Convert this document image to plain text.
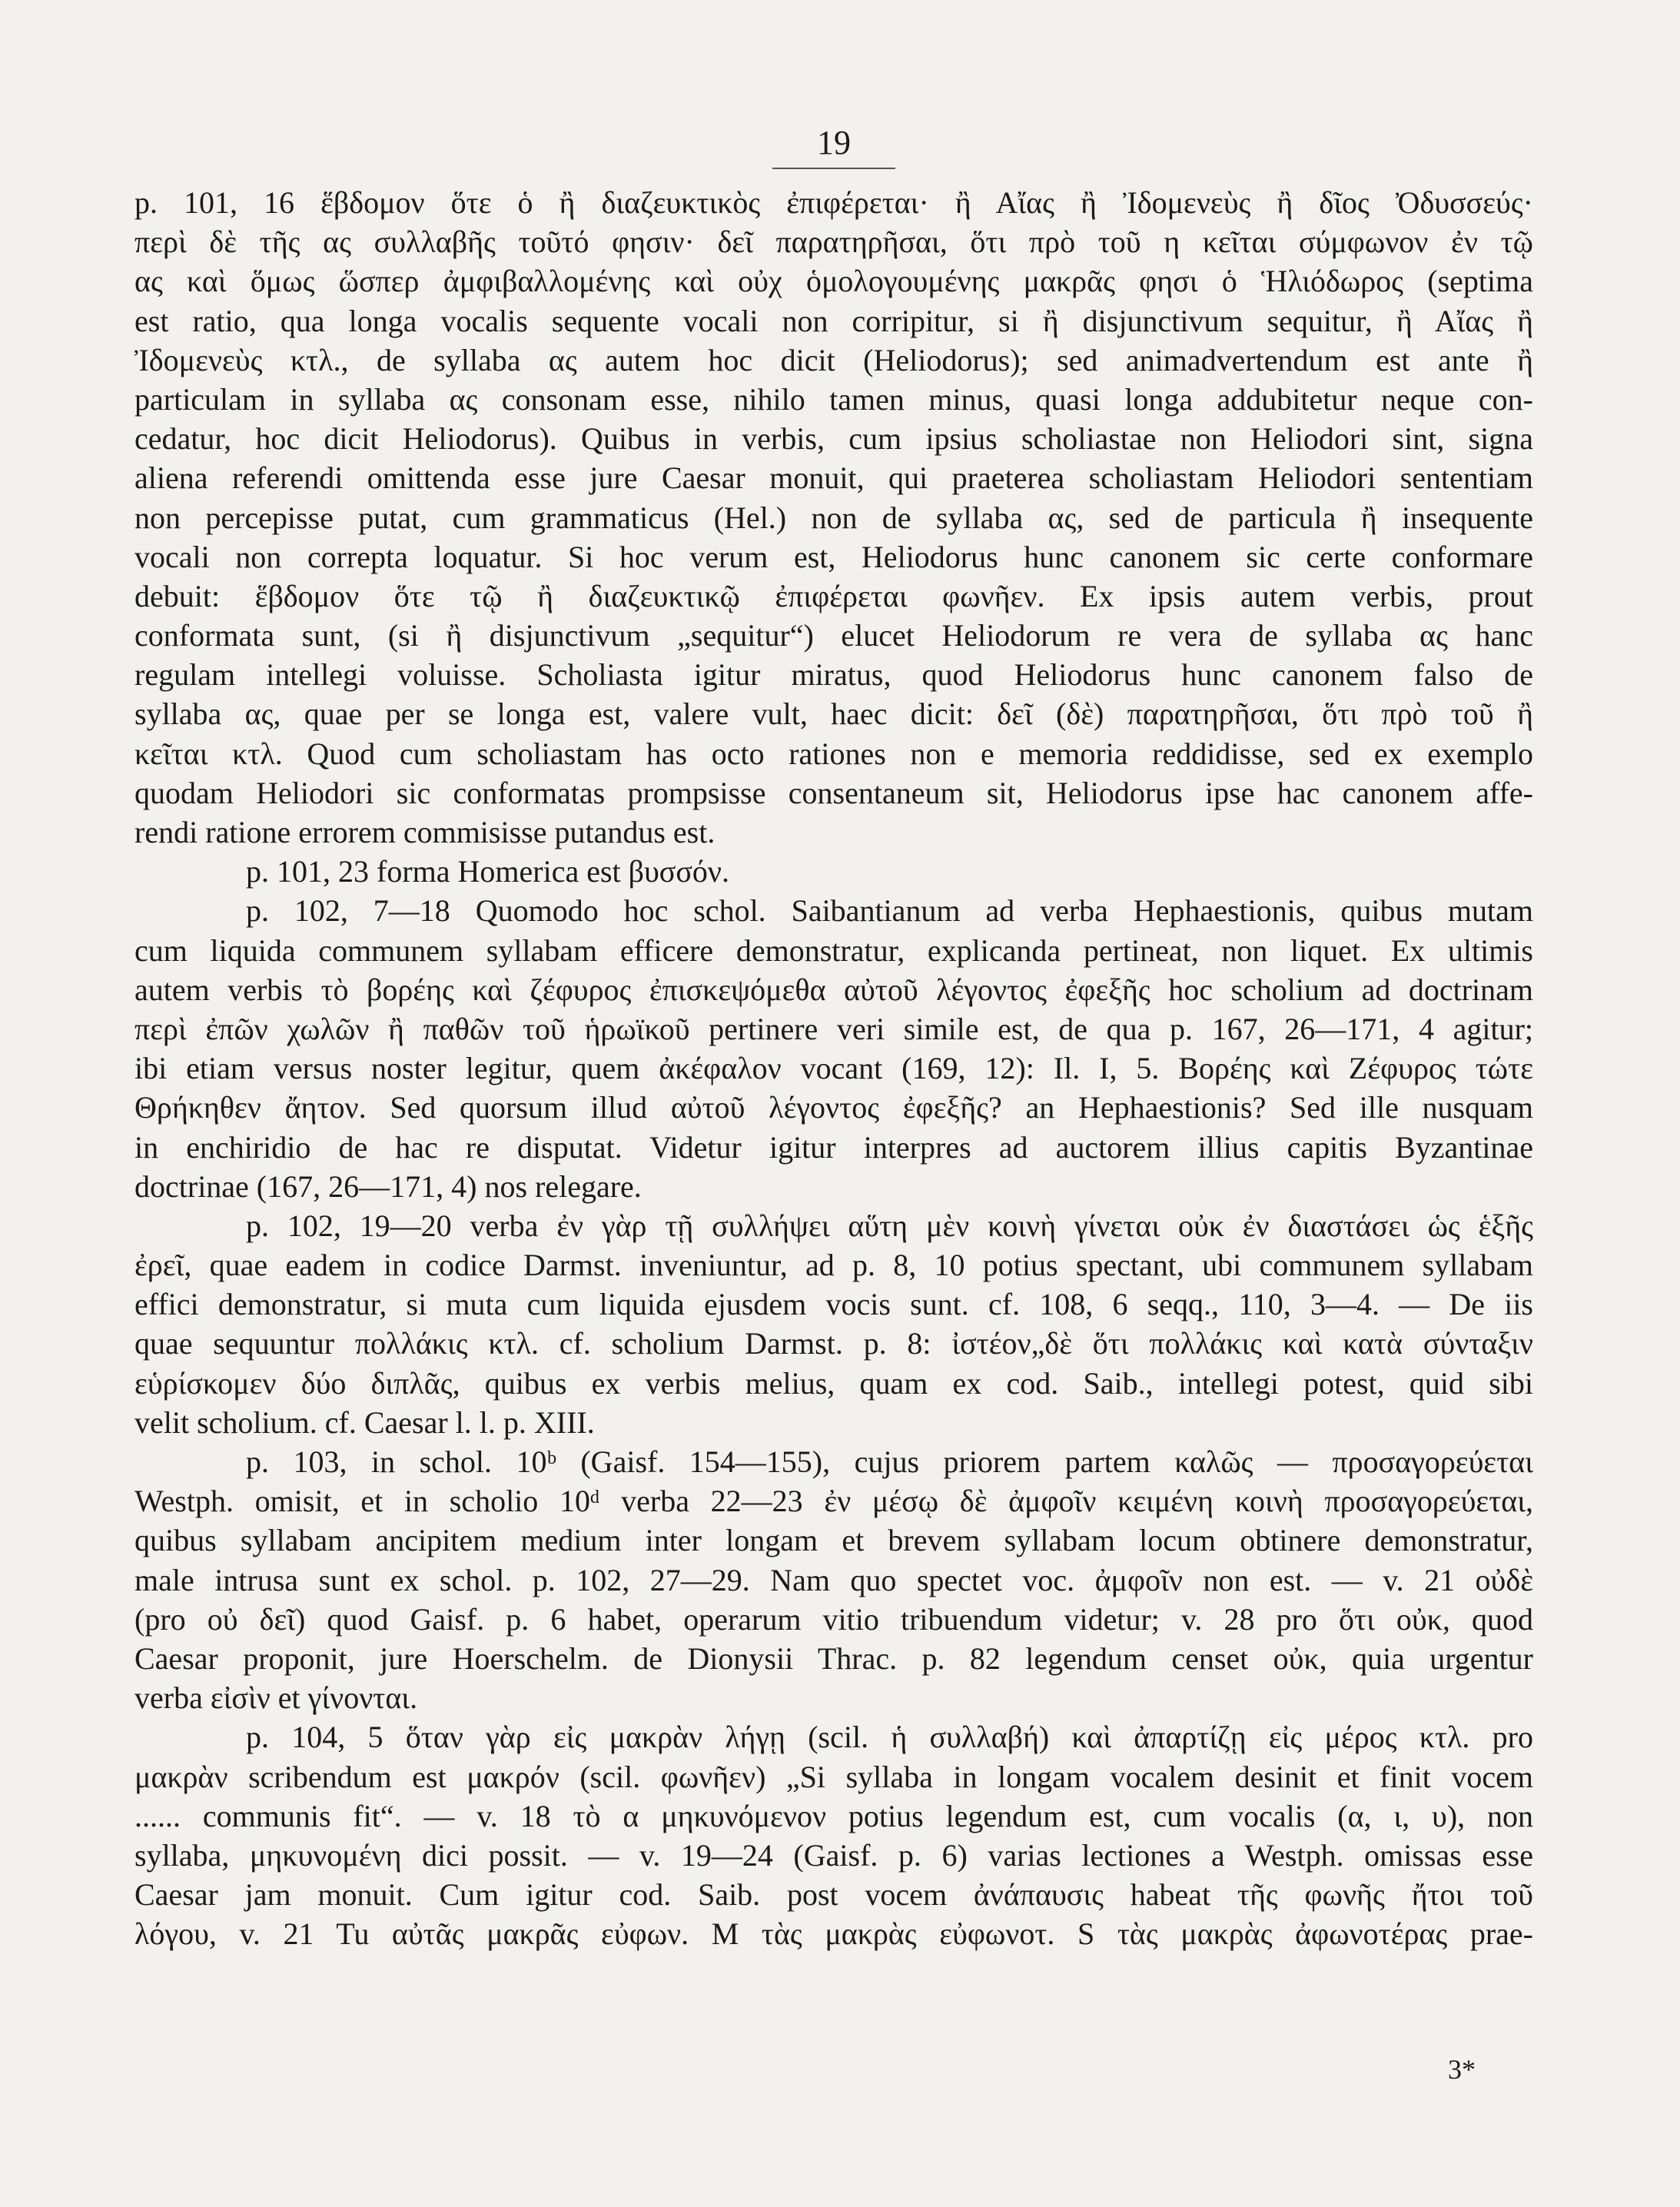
19
p. 101, 16 ἕβδομον ὅτε ὁ ἢ διαζευκτικὸς ἐπιφέρεται· ἢ Αἴας ἢ Ἰδομενεὺς ἢ δῖος Ὀδυσσεύς·
περὶ δὲ τῆς ας συλλαβῆς τοῦτό φησιν· δεῖ παρατηρῆσαι, ὅτι πρὸ τοῦ η κεῖται σύμφωνον ἐν τῷ
ας καὶ ὅμως ὥσπερ ἀμφιβαλλομένης καὶ οὐχ ὁμολογουμένης μακρᾶς φησι ὁ Ἡλιόδωρος (septima
est ratio, qua longa vocalis sequente vocali non corripitur, si ἢ disjunctivum sequitur, ἢ Αἴας ἢ
Ἰδομενεὺς κτλ., de syllaba ας autem hoc dicit (Heliodorus); sed animadvertendum est ante ἢ
particulam in syllaba ας consonam esse, nihilo tamen minus, quasi longa addubitetur neque con-
cedatur, hoc dicit Heliodorus). Quibus in verbis, cum ipsius scholiastae non Heliodori sint, signa
aliena referendi omittenda esse jure Caesar monuit, qui praeterea scholiastam Heliodori sententiam
non percepisse putat, cum grammaticus (Hel.) non de syllaba ας, sed de particula ἢ insequente
vocali non correpta loquatur. Si hoc verum est, Heliodorus hunc canonem sic certe conformare
debuit: ἕβδομον ὅτε τῷ ἢ διαζευκτικῷ ἐπιφέρεται φωνῆεν. Ex ipsis autem verbis, prout
conformata sunt, (si ἢ disjunctivum „sequitur“) elucet Heliodorum re vera de syllaba ας hanc
regulam intellegi voluisse. Scholiasta igitur miratus, quod Heliodorus hunc canonem falso de
syllaba ας, quae per se longa est, valere vult, haec dicit: δεῖ (δὲ) παρατηρῆσαι, ὅτι πρὸ τοῦ ἢ
κεῖται κτλ. Quod cum scholiastam has octo rationes non e memoria reddidisse, sed ex exemplo
quodam Heliodori sic conformatas prompsisse consentaneum sit, Heliodorus ipse hac canonem affe-
rendi ratione errorem commisisse putandus est.
p. 101, 23 forma Homerica est βυσσόν.
p. 102, 7—18 Quomodo hoc schol. Saibantianum ad verba Hephaestionis, quibus mutam
cum liquida communem syllabam efficere demonstratur, explicanda pertineat, non liquet. Ex ultimis
autem verbis τὸ βορέης καὶ ζέφυρος ἐπισκεψόμεθα αὐτοῦ λέγοντος ἐφεξῆς hoc scholium ad doctrinam
περὶ ἐπῶν χωλῶν ἢ παθῶν τοῦ ἡρωϊκοῦ pertinere veri simile est, de qua p. 167, 26—171, 4 agitur;
ibi etiam versus noster legitur, quem ἀκέφαλον vocant (169, 12): Il. I, 5. Βορέης καὶ Ζέφυρος τώτε
Θρήκηθεν ἄητον. Sed quorsum illud αὐτοῦ λέγοντος ἐφεξῆς? an Hephaestionis? Sed ille nusquam
in enchiridio de hac re disputat. Videtur igitur interpres ad auctorem illius capitis Byzantinae
doctrinae (167, 26—171, 4) nos relegare.
p. 102, 19—20 verba ἐν γὰρ τῇ συλλήψει αὕτη μὲν κοινὴ γίνεται οὐκ ἐν διαστάσει ὡς ἑξῆς
ἐρεῖ, quae eadem in codice Darmst. inveniuntur, ad p. 8, 10 potius spectant, ubi communem syllabam
effici demonstratur, si muta cum liquida ejusdem vocis sunt. cf. 108, 6 seqq., 110, 3—4. — De iis
quae sequuntur πολλάκις κτλ. cf. scholium Darmst. p. 8: ἰστέον„δὲ ὅτι πολλάκις καὶ κατὰ σύνταξιν
εὑρίσκομεν δύο διπλᾶς, quibus ex verbis melius, quam ex cod. Saib., intellegi potest, quid sibi
velit scholium. cf. Caesar l. l. p. XIII.
p. 103, in schol. 10ᵇ (Gaisf. 154—155), cujus priorem partem καλῶς — προσαγορεύεται
Westph. omisit, et in scholio 10ᵈ verba 22—23 ἐν μέσῳ δὲ ἀμφοῖν κειμένη κοινὴ προσαγορεύεται,
quibus syllabam ancipitem medium inter longam et brevem syllabam locum obtinere demonstratur,
male intrusa sunt ex schol. p. 102, 27—29. Nam quo spectet voc. ἀμφοῖν non est. — v. 21 οὐδὲ
(pro οὐ δεῖ) quod Gaisf. p. 6 habet, operarum vitio tribuendum videtur; v. 28 pro ὅτι οὐκ, quod
Caesar proponit, jure Hoerschelm. de Dionysii Thrac. p. 82 legendum censet οὐκ, quia urgentur
verba εἰσὶν et γίνονται.
p. 104, 5 ὅταν γὰρ εἰς μακρὰν λήγῃ (scil. ἡ συλλαβή) καὶ ἀπαρτίζῃ εἰς μέρος κτλ. pro
μακρὰν scribendum est μακρόν (scil. φωνῆεν) „Si syllaba in longam vocalem desinit et finit vocem
...... communis fit“. — v. 18 τὸ α μηκυνόμενον potius legendum est, cum vocalis (α, ι, υ), non
syllaba, μηκυνομένη dici possit. — v. 19—24 (Gaisf. p. 6) varias lectiones a Westph. omissas esse
Caesar jam monuit. Cum igitur cod. Saib. post vocem ἀνάπαυσις habeat τῆς φωνῆς ἤτοι τοῦ
λόγου, v. 21 Tu αὐτᾶς μακρᾶς εὐφων. M τὰς μακρὰς εὐφωνοτ. S τὰς μακρὰς ἀφωνοτέρας prae-
3*
